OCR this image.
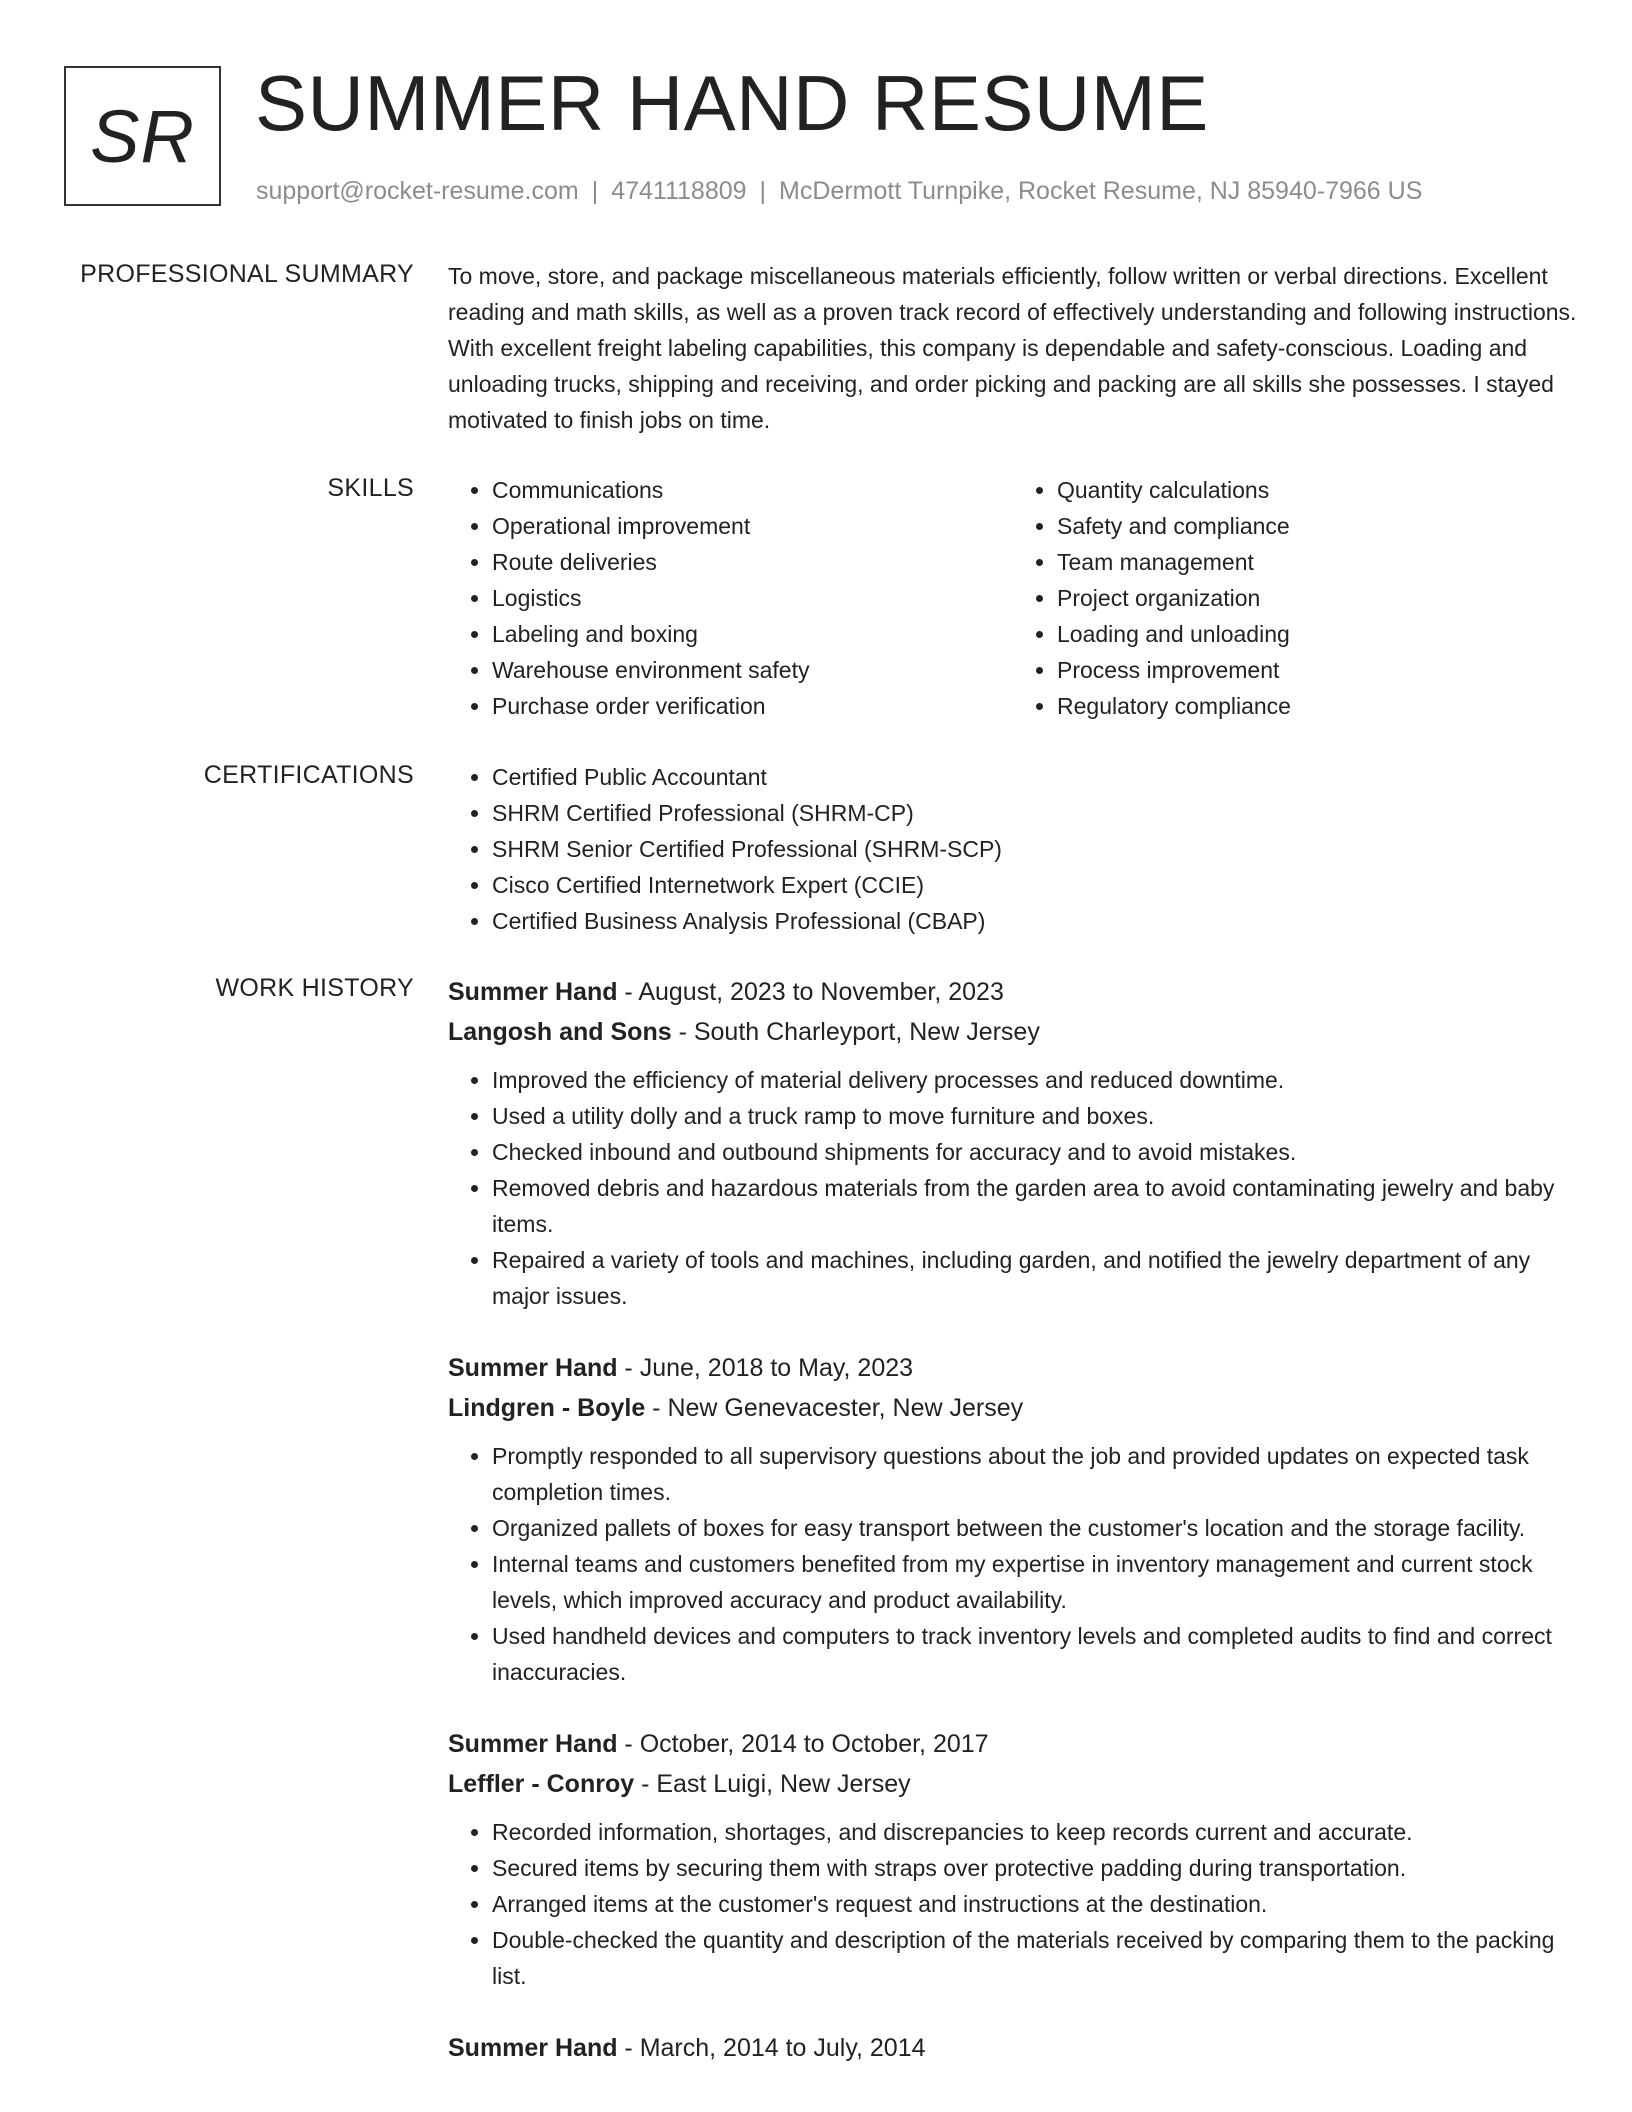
SR SUMMER HAND RESUME
support@rocket-resume.com | 4741118809 | McDermott Turnpike, Rocket Resume, NJ 85940-7966 US
PROFESSIONAL SUMMARY To move, store, and package miscellaneous materials efficiently, follow written or verbal directions. Excellent reading and math skills, as well as a proven track record of effectively understanding and following instructions. With excellent freight labeling capabilities, this company is dependable and safety-conscious. Loading and unloading trucks, shipping and receiving, and order picking and packing are all skills she possesses. I stayed motivated to finish jobs on time.

SKILLS	• Communications
• Operational improvement
• Route deliveries
• Logistics
• Labeling and boxing
• Warehouse environment safety
• Purchase order verification
• Quantity calculations
• Safety and compliance
• Team management
• Project organization
• Loading and unloading
• Process improvement
• Regulatory compliance
CERTIFICATIONS	• Certified Public Accountant
• SHRM Certified Professional (SHRM-CP)
• SHRM Senior Certified Professional (SHRM-SCP)
• Cisco Certified Internetwork Expert (CCIE)
• Certified Business Analysis Professional (CBAP)
WORK HISTORY Summer Hand - August, 2023 to November, 2023
Langosh and Sons - South Charleyport, New Jersey
• Improved the efficiency of material delivery processes and reduced downtime.
• Used a utility dolly and a truck ramp to move furniture and boxes.
• Checked inbound and outbound shipments for accuracy and to avoid mistakes.
• Removed debris and hazardous materials from the garden area to avoid contaminating jewelry and baby items.
• Repaired a variety of tools and machines, including garden, and notified the jewelry department of any major issues.
Summer Hand - June, 2018 to May, 2023
Lindgren - Boyle - New Genevacester, New Jersey
• Promptly responded to all supervisory questions about the job and provided updates on expected task completion times.
• Organized pallets of boxes for easy transport between the customer's location and the storage facility.
• Internal teams and customers benefited from my expertise in inventory management and current stock levels, which improved accuracy and product availability.
• Used handheld devices and computers to track inventory levels and completed audits to find and correct inaccuracies.
Summer Hand - October, 2014 to October, 2017
Leffler - Conroy - East Luigi, New Jersey
• Recorded information, shortages, and discrepancies to keep records current and accurate.
• Secured items by securing them with straps over protective padding during transportation.
• Arranged items at the customer's request and instructions at the destination.
• Double-checked the quantity and description of the materials received by comparing them to the packing list.
Summer Hand - March, 2014 to July, 2014
